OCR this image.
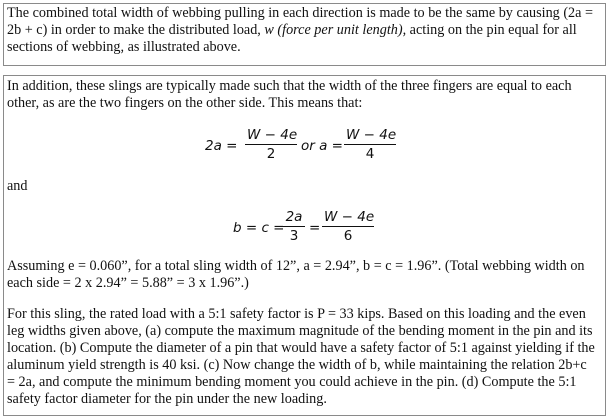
The combined total width of webbing pulling in each direction is made to be the same by causing (2a = 2b + c) in order to make the distributed load, w (force per unit length), acting on the pin equal for all sections of webbing, as illustrated above.

In addition, these slings are typically made such that the width of the three fingers are equal to each other, as are the two fingers on the other side. This means that:

$2a = \frac{W - 4e}{2}$ or $a = \frac{W - 4e}{4}$

and

b = c =
$\frac{2a}{3} = \frac{W - 4e}{6}$

Assuming e = 0.060”, for a total sling width of 12”, a = 2.94”, b = c = 1.96”. (Total webbing width on each side = 2 x 2.94” = 5.88” = 3 x 1.96”.)

For this sling, the rated load with a 5:1 safety factor is P = 33 kips. Based on this loading and the even leg widths given above, (a) compute the maximum magnitude of the bending moment in the pin and its location. (b) Compute the diameter of a pin that would have a safety factor of 5:1 against yielding if the aluminum yield strength is 40 ksi. (c) Now change the width of b, while maintaining the relation 2b+c = 2a, and compute the minimum bending moment you could achieve in the pin. (d) Compute the 5:1 safety factor diameter for the pin under the new loading.
